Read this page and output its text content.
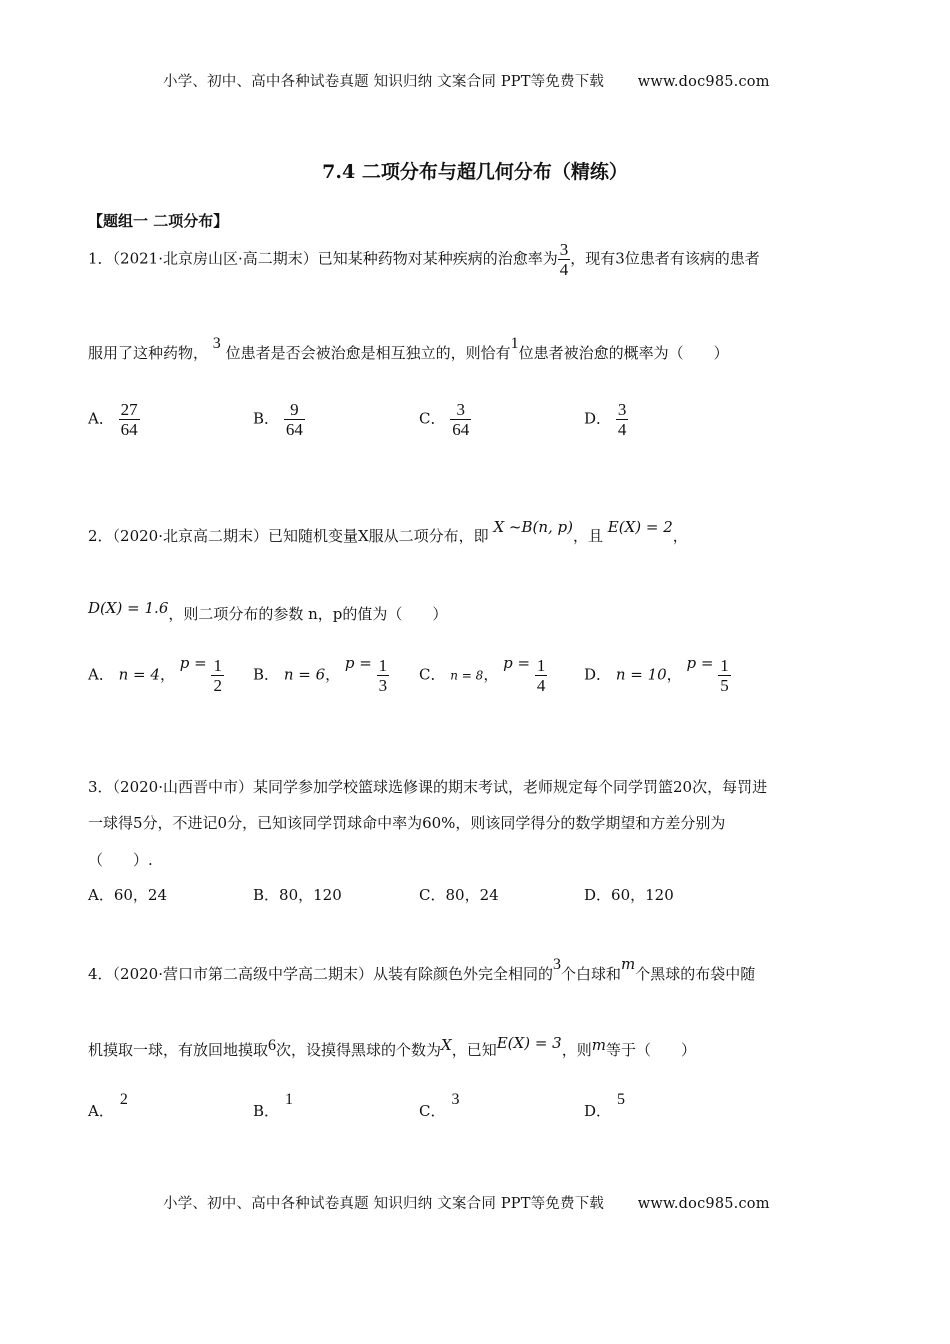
小学、初中、高中各种试卷真题 知识归纳 文案合同 PPT等免费下载 www.doc985.com
7.4 二项分布与超几何分布（精练）
【题组一 二项分布】
1．（2021·北京房山区·高二期末）已知某种药物对某种疾病的治愈率为 $\frac{3}{4}$ ，现有3位患者有该病的患者
服用了这种药物， 3 位患者是否会被治愈是相互独立的，则恰有1位患者被治愈的概率为（　　）
A． $\frac{27}{64}$	B． $\frac{9}{64}$	C． $\frac{3}{64}$	D． $\frac{3}{4}$
2．（2020·北京高二期末）已知随机变量X服从二项分布，即 X ~B(n, p)，且 E(X) = 2，
D(X) = 1.6，则二项分布的参数 n，p的值为（　　）
A． n = 4， $p = \frac{1}{2}$ B． n = 6， $p = \frac{1}{3}$ C． n = 8， $p = \frac{1}{4}$ D． n = 10， $p = \frac{1}{5}$
3．（2020·山西晋中市）某同学参加学校篮球选修课的期末考试，老师规定每个同学罚篮20次，每罚进
一球得5分，不进记0分，已知该同学罚球命中率为60%，则该同学得分的数学期望和方差分别为
（　　）.
A．60，24	B．80，120	C．80，24	D．60，120
4．（2020·营口市第二高级中学高二期末）从装有除颜色外完全相同的3个白球和m个黑球的布袋中随
机摸取一球，有放回地摸取6次，设摸得黑球的个数为X，已知E(X) = 3，则m等于（　　）
A．2
B．1
C．3
D．5
小学、初中、高中各种试卷真题 知识归纳 文案合同 PPT等免费下载 www.doc985.com
